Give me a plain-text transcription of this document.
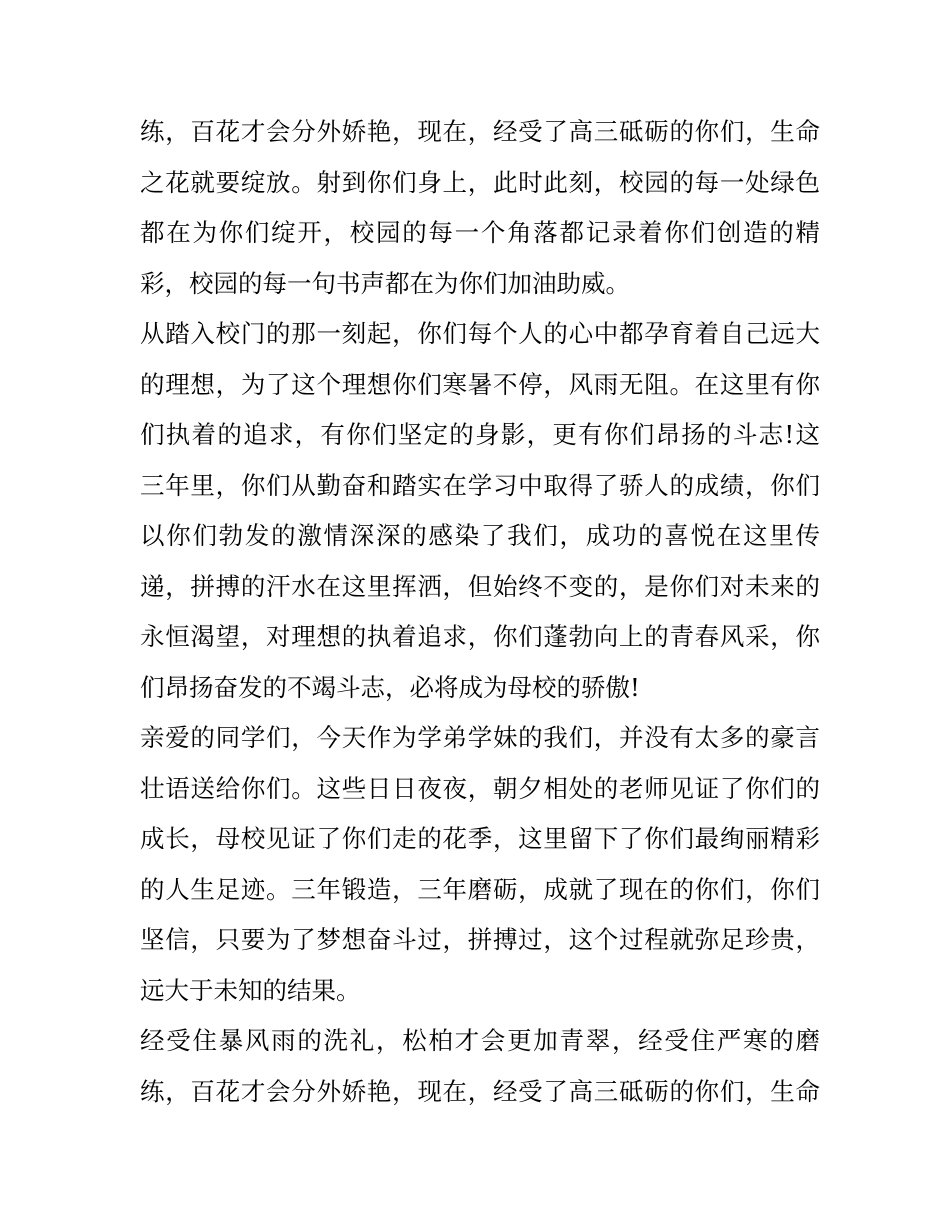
练，百花才会分外娇艳，现在，经受了高三砥砺的你们，生命
之花就要绽放。射到你们身上，此时此刻，校园的每一处绿色
都在为你们绽开，校园的每一个角落都记录着你们创造的精
彩，校园的每一句书声都在为你们加油助威。
从踏入校门的那一刻起，你们每个人的心中都孕育着自己远大
的理想，为了这个理想你们寒暑不停，风雨无阻。在这里有你
们执着的追求，有你们坚定的身影，更有你们昂扬的斗志!这
三年里，你们从勤奋和踏实在学习中取得了骄人的成绩，你们
以你们勃发的激情深深的感染了我们，成功的喜悦在这里传
递，拼搏的汗水在这里挥洒，但始终不变的，是你们对未来的
永恒渴望，对理想的执着追求，你们蓬勃向上的青春风采，你
们昂扬奋发的不竭斗志，必将成为母校的骄傲!
亲爱的同学们，今天作为学弟学妹的我们，并没有太多的豪言
壮语送给你们。这些日日夜夜，朝夕相处的老师见证了你们的
成长，母校见证了你们走的花季，这里留下了你们最绚丽精彩
的人生足迹。三年锻造，三年磨砺，成就了现在的你们，你们
坚信，只要为了梦想奋斗过，拼搏过，这个过程就弥足珍贵，
远大于未知的结果。
经受住暴风雨的洗礼，松柏才会更加青翠，经受住严寒的磨
练，百花才会分外娇艳，现在，经受了高三砥砺的你们，生命
